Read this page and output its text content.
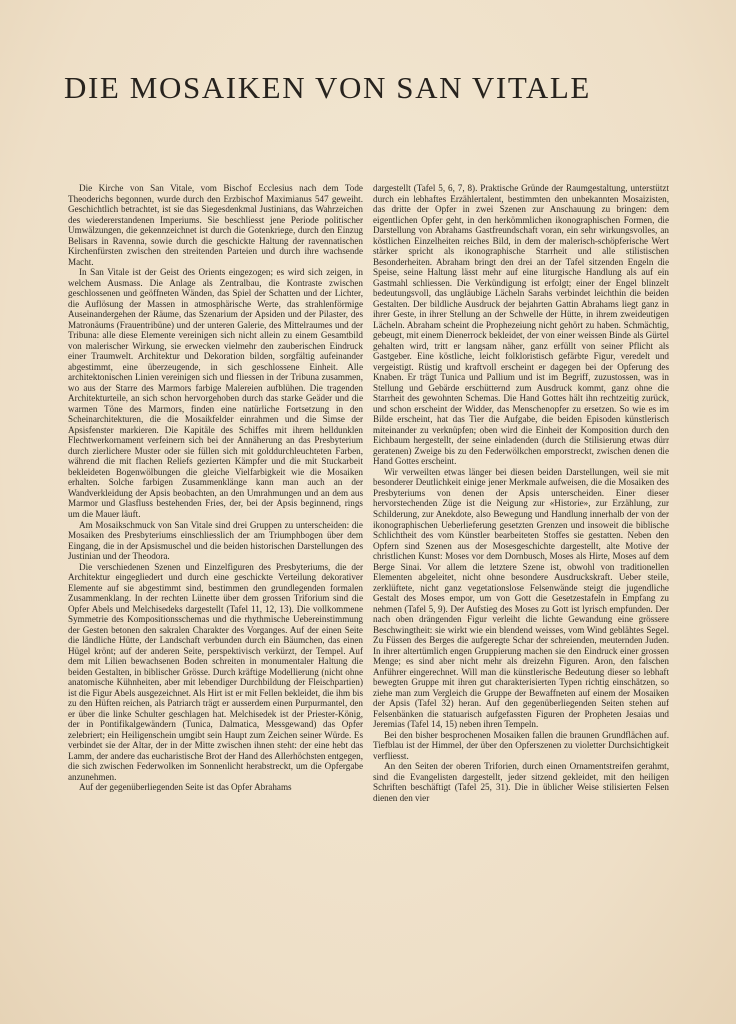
DIE MOSAIKEN VON SAN VITALE

Die Kirche von San Vitale, vom Bischof Ecclesius nach dem Tode Theoderichs begonnen, wurde durch den Erzbischof Maximianus 547 geweiht. Geschichtlich betrachtet, ist sie das Siegesdenkmal Justinians, das Wahrzeichen des wiedererstandenen Imperiums. Sie beschliesst jene Periode politischer Umwälzungen, die gekennzeichnet ist durch die Gotenkriege, durch den Einzug Belisars in Ravenna, sowie durch die geschickte Haltung der ravennatischen Kirchenfürsten zwischen den streitenden Parteien und durch ihre wachsende Macht.

In San Vitale ist der Geist des Orients eingezogen; es wird sich zeigen, in welchem Ausmass. Die Anlage als Zentralbau, die Kontraste zwischen geschlossenen und geöffneten Wänden, das Spiel der Schatten und der Lichter, die Auflösung der Massen in atmosphärische Werte, das strahlenförmige Auseinandergehen der Räume, das Szenarium der Apsiden und der Pilaster, des Matronäums (Frauentribüne) und der unteren Galerie, des Mittelraumes und der Tribuna: alle diese Elemente vereinigen sich nicht allein zu einem Gesamtbild von malerischer Wirkung, sie erwecken vielmehr den zauberischen Eindruck einer Traumwelt. Architektur und Dekoration bilden, sorgfältig aufeinander abgestimmt, eine überzeugende, in sich geschlossene Einheit. Alle architektonischen Linien vereinigen sich und fliessen in der Tribuna zusammen, wo aus der Starre des Marmors farbige Malereien aufblühen. Die tragenden Architekturteile, an sich schon hervorgehoben durch das starke Geäder und die warmen Töne des Marmors, finden eine natürliche Fortsetzung in den Scheinarchitekturen, die die Mosaikfelder einrahmen und die Simse der Apsisfenster markieren. Die Kapitäle des Schiffes mit ihrem helldunklen Flechtwerkornament verfeinern sich bei der Annäherung an das Presbyterium durch zierlichere Muster oder sie füllen sich mit golddurchleuchteten Farben, während die mit flachen Reliefs gezierten Kämpfer und die mit Stuckarbeit bekleideten Bogenwölbungen die gleiche Vielfarbigkeit wie die Mosaiken erhalten. Solche farbigen Zusammenklänge kann man auch an der Wandverkleidung der Apsis beobachten, an den Umrahmungen und an dem aus Marmor und Glasfluss bestehenden Fries, der, bei der Apsis beginnend, rings um die Mauer läuft.

Am Mosaikschmuck von San Vitale sind drei Gruppen zu unterscheiden: die Mosaiken des Presbyteriums einschliesslich der am Triumphbogen über dem Eingang, die in der Apsismuschel und die beiden historischen Darstellungen des Justinian und der Theodora.

Die verschiedenen Szenen und Einzelfiguren des Presbyteriums, die der Architektur eingegliedert und durch eine geschickte Verteilung dekorativer Elemente auf sie abgestimmt sind, bestimmen den grundlegenden formalen Zusammenklang. In der rechten Lünette über dem grossen Triforium sind die Opfer Abels und Melchisedeks dargestellt (Tafel 11, 12, 13). Die vollkommene Symmetrie des Kompositionsschemas und die rhythmische Uebereinstimmung der Gesten betonen den sakralen Charakter des Vorganges. Auf der einen Seite die ländliche Hütte, der Landschaft verbunden durch ein Bäumchen, das einen Hügel krönt; auf der anderen Seite, perspektivisch verkürzt, der Tempel. Auf dem mit Lilien bewachsenen Boden schreiten in monumentaler Haltung die beiden Gestalten, in biblischer Grösse. Durch kräftige Modellierung (nicht ohne anatomische Kühnheiten, aber mit lebendiger Durchbildung der Fleischpartien) ist die Figur Abels ausgezeichnet. Als Hirt ist er mit Fellen bekleidet, die ihm bis zu den Hüften reichen, als Patriarch trägt er ausserdem einen Purpurmantel, den er über die linke Schulter geschlagen hat. Melchisedek ist der Priester-König, der in Pontifikalgewändern (Tunica, Dalmatica, Messgewand) das Opfer zelebriert; ein Heiligenschein umgibt sein Haupt zum Zeichen seiner Würde. Es verbindet sie der Altar, der in der Mitte zwischen ihnen steht: der eine hebt das Lamm, der andere das eucharistische Brot der Hand des Allerhöchsten entgegen, die sich zwischen Federwolken im Sonnenlicht herabstreckt, um die Opfergabe anzunehmen.

Auf der gegenüberliegenden Seite ist das Opfer Abrahams

dargestellt (Tafel 5, 6, 7, 8). Praktische Gründe der Raumgestaltung, unterstützt durch ein lebhaftes Erzählertalent, bestimmten den unbekannten Mosaizisten, das dritte der Opfer in zwei Szenen zur Anschauung zu bringen: dem eigentlichen Opfer geht, in den herkömmlichen ikonographischen Formen, die Darstellung von Abrahams Gastfreundschaft voran, ein sehr wirkungsvolles, an köstlichen Einzelheiten reiches Bild, in dem der malerisch-schöpferische Wert stärker spricht als ikonographische Starrheit und alle stilistischen Besonderheiten. Abraham bringt den drei an der Tafel sitzenden Engeln die Speise, seine Haltung lässt mehr auf eine liturgische Handlung als auf ein Gastmahl schliessen. Die Verkündigung ist erfolgt; einer der Engel blinzelt bedeutungsvoll, das ungläubige Lächeln Sarahs verbindet leichthin die beiden Gestalten. Der bildliche Ausdruck der bejahrten Gattin Abrahams liegt ganz in ihrer Geste, in ihrer Stellung an der Schwelle der Hütte, in ihrem zweideutigen Lächeln. Abraham scheint die Prophezeiung nicht gehört zu haben. Schmächtig, gebeugt, mit einem Dienerrock bekleidet, der von einer weissen Binde als Gürtel gehalten wird, tritt er langsam näher, ganz erfüllt von seiner Pflicht als Gastgeber. Eine köstliche, leicht folkloristisch gefärbte Figur, veredelt und vergeistigt. Rüstig und kraftvoll erscheint er dagegen bei der Opferung des Knaben. Er trägt Tunica und Pallium und ist im Begriff, zuzustossen, was in Stellung und Gebärde erschütternd zum Ausdruck kommt, ganz ohne die Starrheit des gewohnten Schemas. Die Hand Gottes hält ihn rechtzeitig zurück, und schon erscheint der Widder, das Menschenopfer zu ersetzen. So wie es im Bilde erscheint, hat das Tier die Aufgabe, die beiden Episoden künstlerisch miteinander zu verknüpfen; oben wird die Einheit der Komposition durch den Eichbaum hergestellt, der seine einladenden (durch die Stilisierung etwas dürr geratenen) Zweige bis zu den Federwölkchen emporstreckt, zwischen denen die Hand Gottes erscheint.

Wir verweilten etwas länger bei diesen beiden Darstellungen, weil sie mit besonderer Deutlichkeit einige jener Merkmale aufweisen, die die Mosaiken des Presbyteriums von denen der Apsis unterscheiden. Einer dieser hervorstechenden Züge ist die Neigung zur «Historie», zur Erzählung, zur Schilderung, zur Anekdote, also Bewegung und Handlung innerhalb der von der ikonographischen Ueberlieferung gesetzten Grenzen und insoweit die biblische Schlichtheit des vom Künstler bearbeiteten Stoffes sie gestatten. Neben den Opfern sind Szenen aus der Mosesgeschichte dargestellt, alte Motive der christlichen Kunst: Moses vor dem Dornbusch, Moses als Hirte, Moses auf dem Berge Sinai. Vor allem die letztere Szene ist, obwohl von traditionellen Elementen abgeleitet, nicht ohne besondere Ausdruckskraft. Ueber steile, zerklüftete, nicht ganz vegetationslose Felsenwände steigt die jugendliche Gestalt des Moses empor, um von Gott die Gesetzestafeln in Empfang zu nehmen (Tafel 5, 9). Der Aufstieg des Moses zu Gott ist lyrisch empfunden. Der nach oben drängenden Figur verleiht die lichte Gewandung eine grössere Beschwingtheit: sie wirkt wie ein blendend weisses, vom Wind geblähtes Segel. Zu Füssen des Berges die aufgeregte Schar der schreienden, meuternden Juden. In ihrer altertümlich engen Gruppierung machen sie den Eindruck einer grossen Menge; es sind aber nicht mehr als dreizehn Figuren. Aron, den falschen Anführer eingerechnet. Will man die künstlerische Bedeutung dieser so lebhaft bewegten Gruppe mit ihren gut charakterisierten Typen richtig einschätzen, so ziehe man zum Vergleich die Gruppe der Bewaffneten auf einem der Mosaiken der Apsis (Tafel 32) heran. Auf den gegenüberliegenden Seiten stehen auf Felsenbänken die statuarisch aufgefassten Figuren der Propheten Jesaias und Jeremias (Tafel 14, 15) neben ihren Tempeln.

Bei den bisher besprochenen Mosaiken fallen die braunen Grundflächen auf. Tiefblau ist der Himmel, der über den Opferszenen zu violetter Durchsichtigkeit verfliesst.

An den Seiten der oberen Triforien, durch einen Ornamentstreifen gerahmt, sind die Evangelisten dargestellt, jeder sitzend gekleidet, mit den heiligen Schriften beschäftigt (Tafel 25, 31). Die in üblicher Weise stilisierten Felsen dienen den vier
